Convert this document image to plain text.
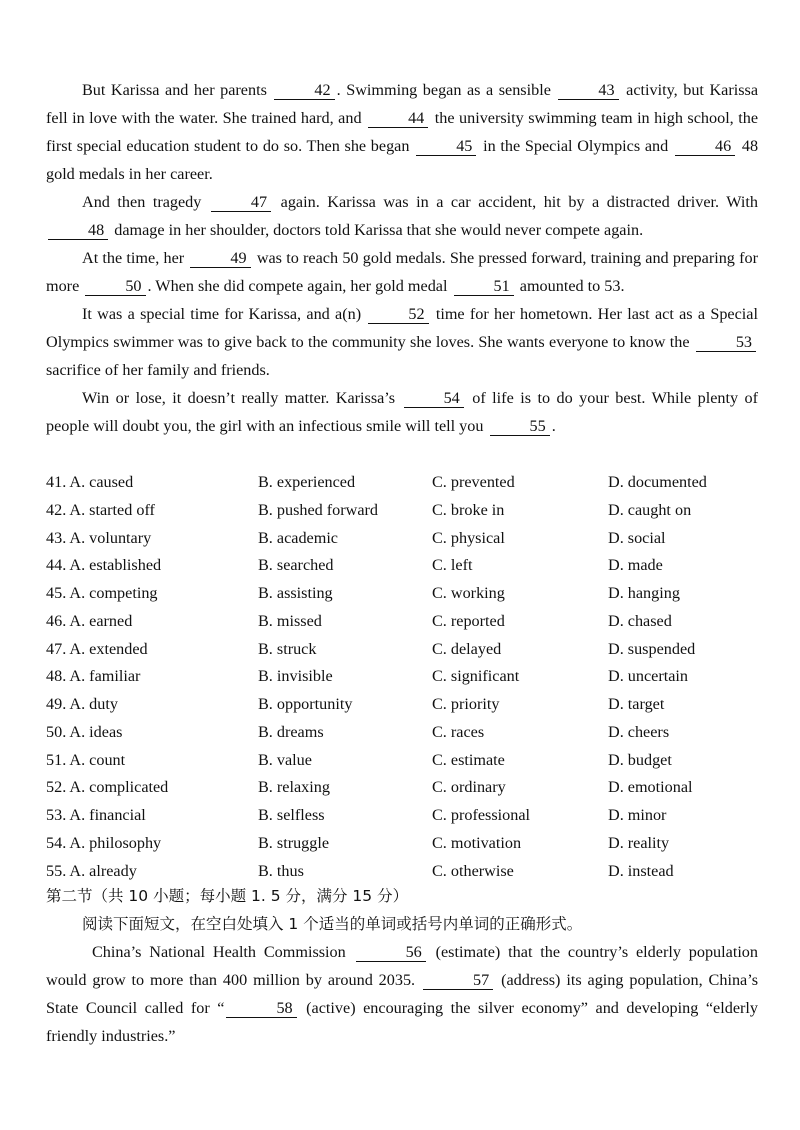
But Karissa and her parents	42 . Swimming began as a sensible	43 activity, but Karissa fell in love with the water. She trained hard, and	44 the university swimming team in high school, the first special education student to do so. Then she began	45 in the Special Olympics and	46 48 gold medals in her career.

And then tragedy	47 again. Karissa was in a car accident, hit by a distracted driver. With 48 damage in her shoulder, doctors told Karissa that she would never compete again.

At the time, her	49 was to reach 50 gold medals. She pressed forward, training and preparing for more	50 . When she did compete again, her gold medal	51 amounted to 53.

It was a special time for Karissa, and a(n)	52 time for her hometown. Her last act as a Special Olympics swimmer was to give back to the community she loves. She wants everyone to know the	53 sacrifice of her family and friends.

Win or lose, it doesn’t really matter. Karissa’s	54 of life is to do your best. While plenty of people will doubt you, the girl with an infectious smile will tell you	55 .

41. A. caused	B. experienced	C. prevented	D. documented
42. A. started off	B. pushed forward	C. broke in	D. caught on
43. A. voluntary	B. academic	C. physical	D. social
44. A. established	B. searched	C. left	D. made
45. A. competing	B. assisting	C. working	D. hanging
46. A. earned	B. missed	C. reported	D. chased
47. A. extended	B. struck	C. delayed	D. suspended
48. A. familiar	B. invisible	C. significant	D. uncertain
49. A. duty	B. opportunity	C. priority	D. target
50. A. ideas	B. dreams	C. races	D. cheers
51. A. count	B. value	C. estimate	D. budget
52. A. complicated	B. relaxing	C. ordinary	D. emotional
53. A. financial	B. selfless	C. professional	D. minor
54. A. philosophy	B. struggle	C. motivation	D. reality
55. A. already	B. thus	C. otherwise	D. instead
第二节（共 10 小题；每小题 1. 5 分，满分 15 分）
阅读下面短文，在空白处填入 1 个适当的单词或括号内单词的正确形式。

China’s National Health Commission	56 (estimate) that the country’s elderly population would grow to more than 400 million by around 2035.	57 (address) its aging population, China’s State Council called for “	58 (active) encouraging the silver economy” and developing “elderly friendly industries.”
